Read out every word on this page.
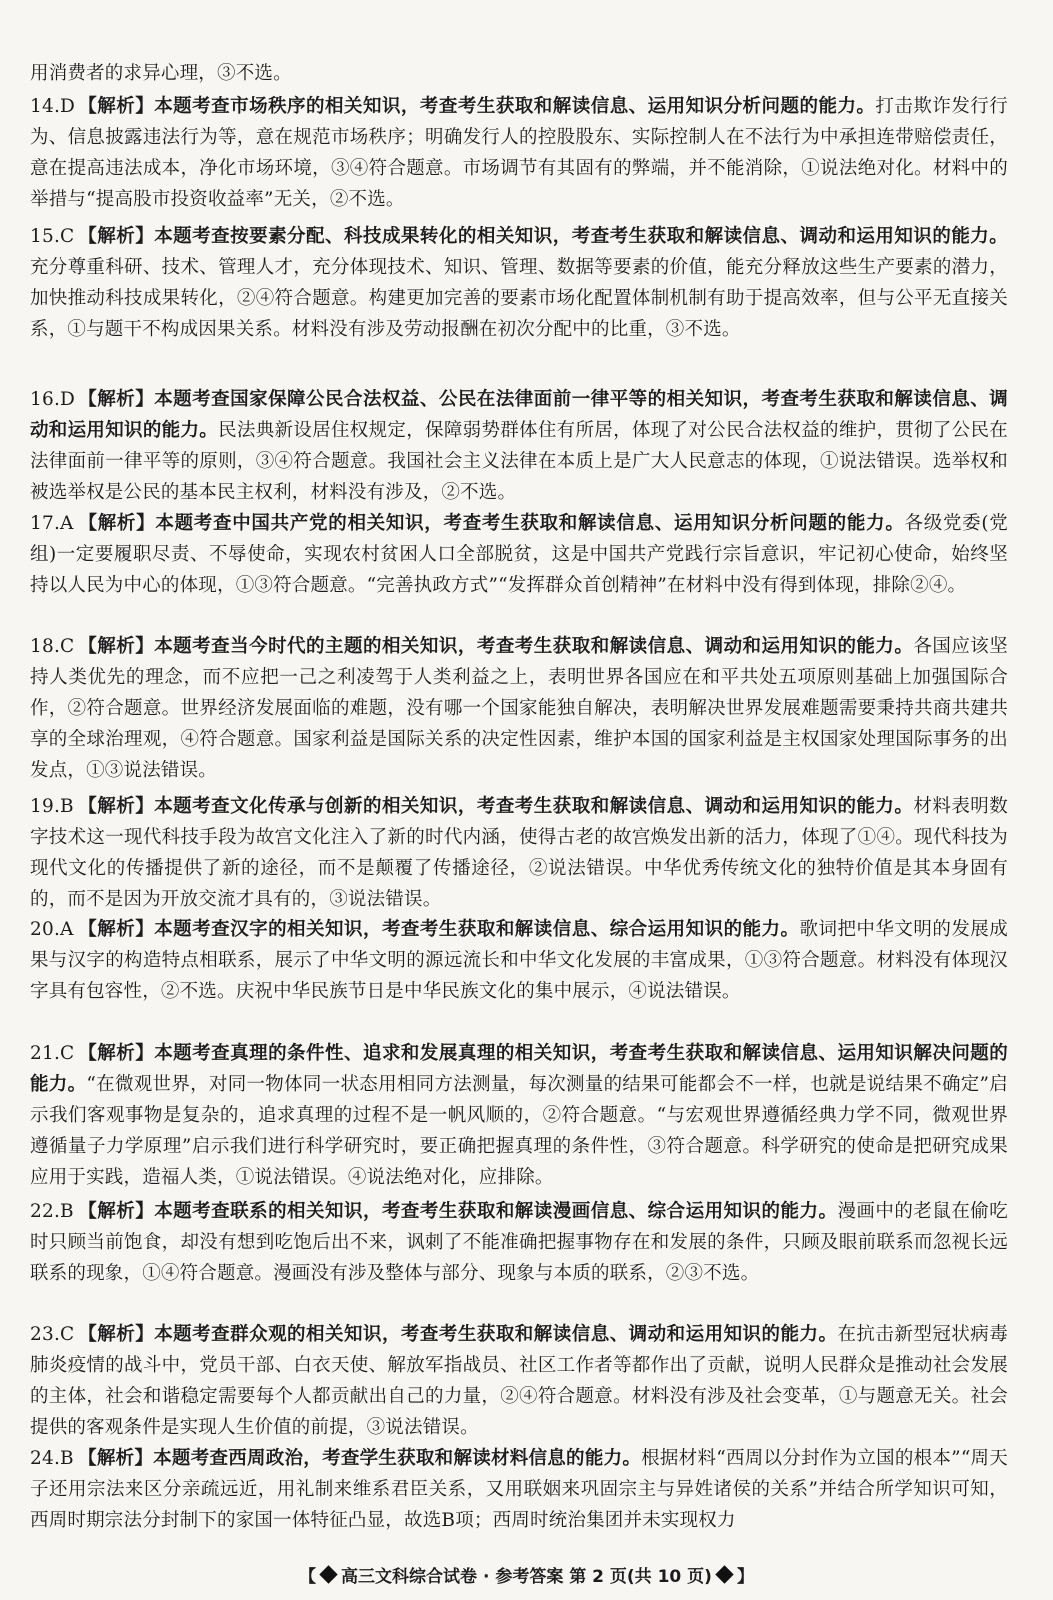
用消费者的求异心理，③不选。
14.D 【解析】本题考查市场秩序的相关知识，考查考生获取和解读信息、运用知识分析问题的能力。打击欺诈发行行为、信息披露违法行为等，意在规范市场秩序；明确发行人的控股股东、实际控制人在不法行为中承担连带赔偿责任，意在提高违法成本，净化市场环境，③④符合题意。市场调节有其固有的弊端，并不能消除，①说法绝对化。材料中的举措与“提高股市投资收益率”无关，②不选。
15.C 【解析】本题考查按要素分配、科技成果转化的相关知识，考查考生获取和解读信息、调动和运用知识的能力。充分尊重科研、技术、管理人才，充分体现技术、知识、管理、数据等要素的价值，能充分释放这些生产要素的潜力，加快推动科技成果转化，②④符合题意。构建更加完善的要素市场化配置体制机制有助于提高效率，但与公平无直接关系，①与题干不构成因果关系。材料没有涉及劳动报酬在初次分配中的比重，③不选。
16.D 【解析】本题考查国家保障公民合法权益、公民在法律面前一律平等的相关知识，考查考生获取和解读信息、调动和运用知识的能力。民法典新设居住权规定，保障弱势群体住有所居，体现了对公民合法权益的维护，贯彻了公民在法律面前一律平等的原则，③④符合题意。我国社会主义法律在本质上是广大人民意志的体现，①说法错误。选举权和被选举权是公民的基本民主权利，材料没有涉及，②不选。
17.A 【解析】本题考查中国共产党的相关知识，考查考生获取和解读信息、运用知识分析问题的能力。各级党委(党组)一定要履职尽责、不辱使命，实现农村贫困人口全部脱贫，这是中国共产党践行宗旨意识，牢记初心使命，始终坚持以人民为中心的体现，①③符合题意。“完善执政方式”“发挥群众首创精神”在材料中没有得到体现，排除②④。
18.C 【解析】本题考查当今时代的主题的相关知识，考查考生获取和解读信息、调动和运用知识的能力。各国应该坚持人类优先的理念，而不应把一己之利凌驾于人类利益之上，表明世界各国应在和平共处五项原则基础上加强国际合作，②符合题意。世界经济发展面临的难题，没有哪一个国家能独自解决，表明解决世界发展难题需要秉持共商共建共享的全球治理观，④符合题意。国家利益是国际关系的决定性因素，维护本国的国家利益是主权国家处理国际事务的出发点，①③说法错误。
19.B 【解析】本题考查文化传承与创新的相关知识，考查考生获取和解读信息、调动和运用知识的能力。材料表明数字技术这一现代科技手段为故宫文化注入了新的时代内涵，使得古老的故宫焕发出新的活力，体现了①④。现代科技为现代文化的传播提供了新的途径，而不是颠覆了传播途径，②说法错误。中华优秀传统文化的独特价值是其本身固有的，而不是因为开放交流才具有的，③说法错误。
20.A 【解析】本题考查汉字的相关知识，考查考生获取和解读信息、综合运用知识的能力。歌词把中华文明的发展成果与汉字的构造特点相联系，展示了中华文明的源远流长和中华文化发展的丰富成果，①③符合题意。材料没有体现汉字具有包容性，②不选。庆祝中华民族节日是中华民族文化的集中展示，④说法错误。
21.C 【解析】本题考查真理的条件性、追求和发展真理的相关知识，考查考生获取和解读信息、运用知识解决问题的能力。“在微观世界，对同一物体同一状态用相同方法测量，每次测量的结果可能都会不一样，也就是说结果不确定”启示我们客观事物是复杂的，追求真理的过程不是一帆风顺的，②符合题意。“与宏观世界遵循经典力学不同，微观世界遵循量子力学原理”启示我们进行科学研究时，要正确把握真理的条件性，③符合题意。科学研究的使命是把研究成果应用于实践，造福人类，①说法错误。④说法绝对化，应排除。
22.B 【解析】本题考查联系的相关知识，考查考生获取和解读漫画信息、综合运用知识的能力。漫画中的老鼠在偷吃时只顾当前饱食，却没有想到吃饱后出不来，讽刺了不能准确把握事物存在和发展的条件，只顾及眼前联系而忽视长远联系的现象，①④符合题意。漫画没有涉及整体与部分、现象与本质的联系，②③不选。
23.C 【解析】本题考查群众观的相关知识，考查考生获取和解读信息、调动和运用知识的能力。在抗击新型冠状病毒肺炎疫情的战斗中，党员干部、白衣天使、解放军指战员、社区工作者等都作出了贡献，说明人民群众是推动社会发展的主体，社会和谐稳定需要每个人都贡献出自己的力量，②④符合题意。材料没有涉及社会变革，①与题意无关。社会提供的客观条件是实现人生价值的前提，③说法错误。
24.B 【解析】本题考查西周政治，考查学生获取和解读材料信息的能力。根据材料“西周以分封作为立国的根本”“周天子还用宗法来区分亲疏远近，用礼制来维系君臣关系，又用联姻来巩固宗主与异姓诸侯的关系”并结合所学知识可知，西周时期宗法分封制下的家国一体特征凸显，故选B项；西周时统治集团并未实现权力
【 高三文科综合试卷 · 参考答案 第 2 页(共 10 页) 】
